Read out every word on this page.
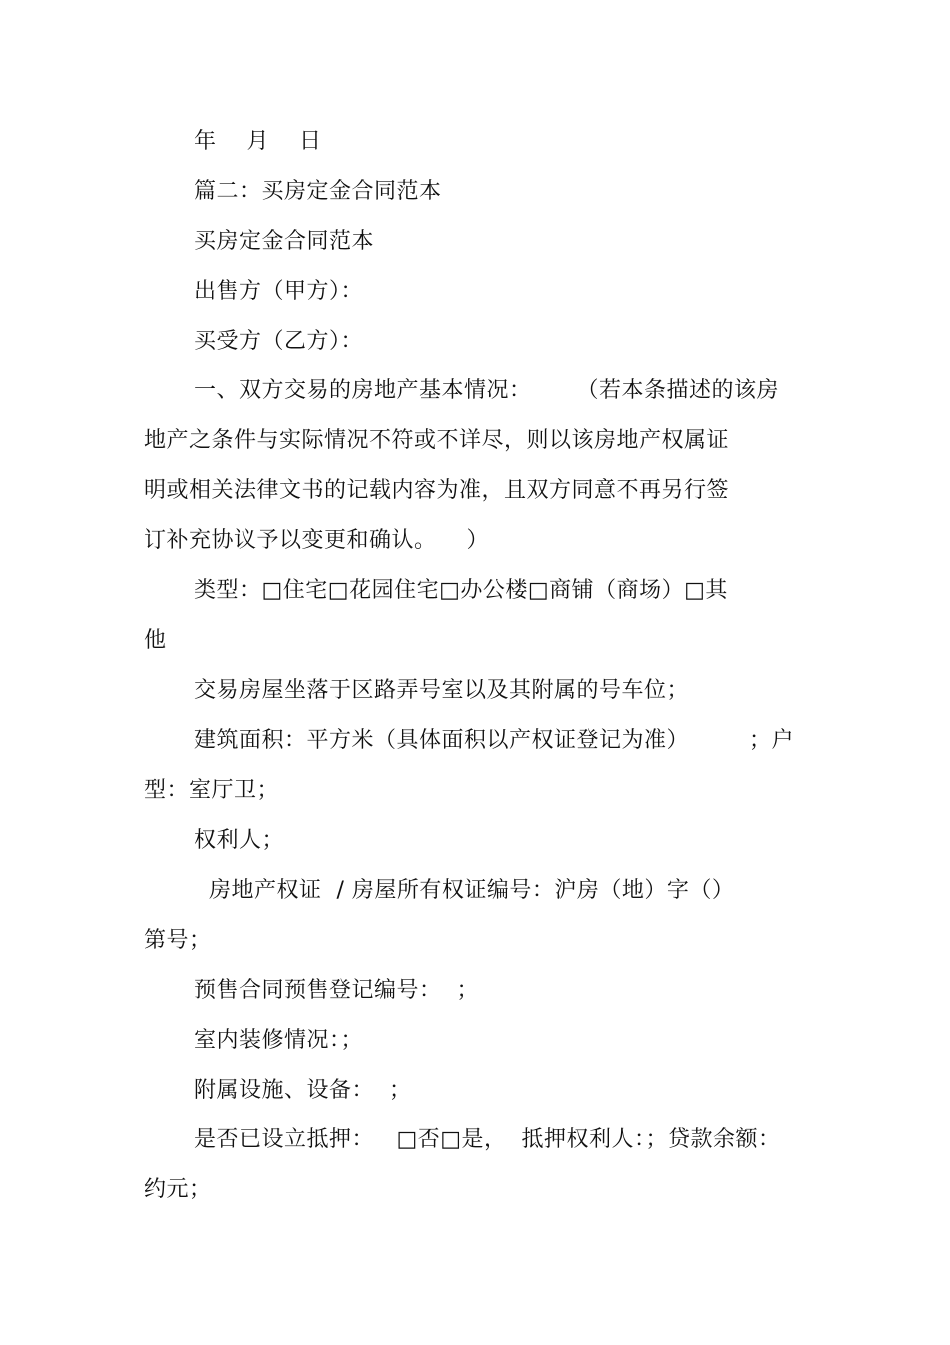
年    月    日
篇二：买房定金合同范本
买房定金合同范本
出售方（甲方）：
买受方（乙方）：
一、双方交易的房地产基本情况：      （若本条描述的该房
地产之条件与实际情况不符或不详尽，则以该房地产权属证
明或相关法律文书的记载内容为准，且双方同意不再另行签
订补充协议予以变更和确认。    ）
类型：□住宅□花园住宅□办公楼□商铺（商场）□其
他
交易房屋坐落于区路弄号室以及其附属的号车位；
建筑面积：平方米（具体面积以产权证登记为准）        ；户
型：室厅卫；
权利人；
房地产权证  / 房屋所有权证编号：沪房（地）字（）
第号；
预售合同预售登记编号：  ；
室内装修情况：；
附属设施、设备：  ；
是否已设立抵押：   □否□是，  抵押权利人：；贷款余额：
约元；
